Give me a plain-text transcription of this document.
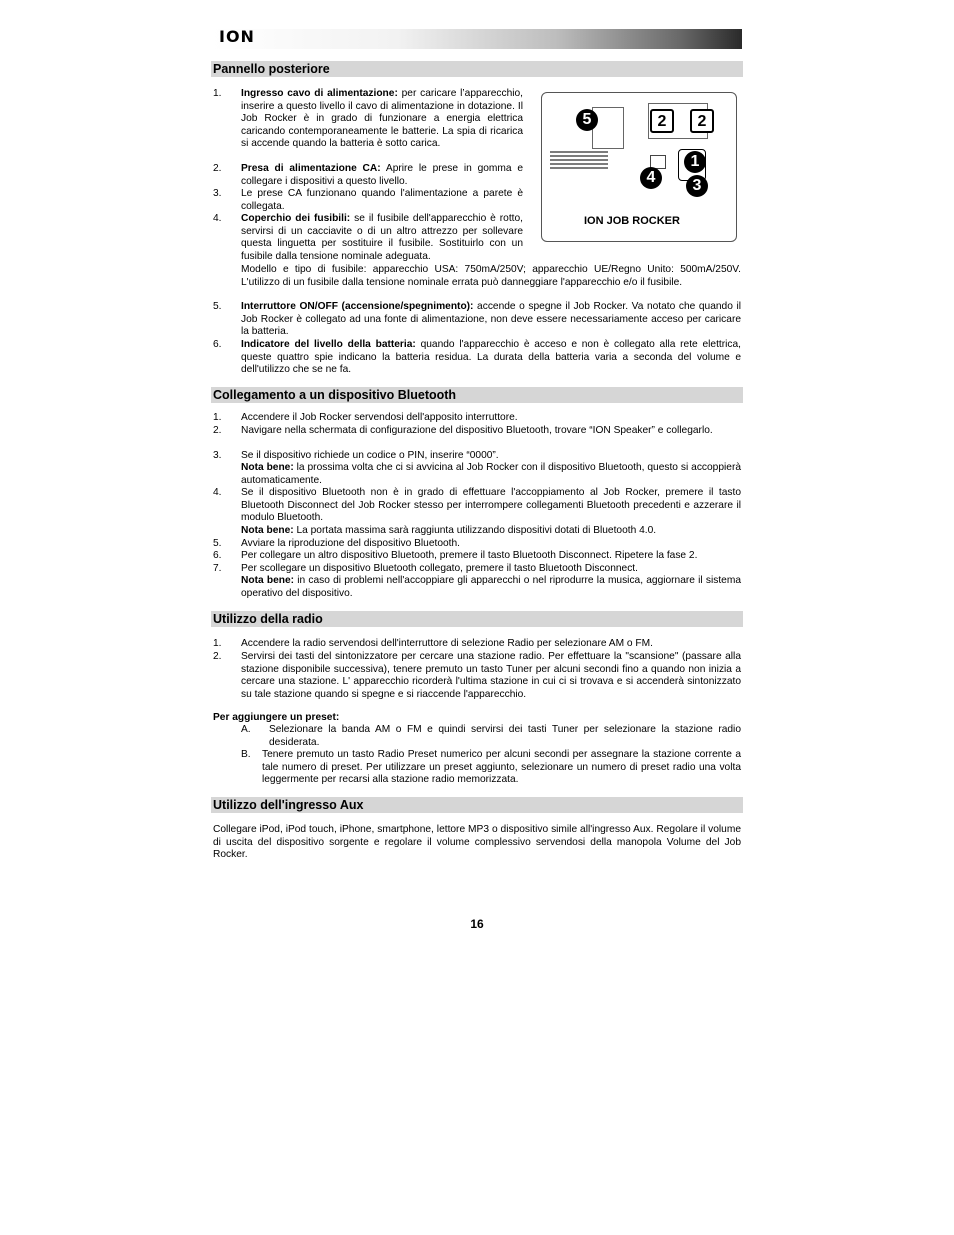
ION
Pannello posteriore
1. Ingresso cavo di alimentazione: per caricare l’apparecchio, inserire a questo livello il cavo di alimentazione in dotazione. Il Job Rocker è in grado di funzionare a energia elettrica caricando contemporaneamente le batterie. La spia di ricarica si accende quando la batteria è sotto carica.
2. Presa di alimentazione CA: Aprire le prese in gomma e collegare i dispositivi a questo livello.
3. Le prese CA funzionano quando l'alimentazione a parete è collegata.
4. Coperchio dei fusibili: se il fusibile dell'apparecchio è rotto, servirsi di un cacciavite o di un altro attrezzo per sollevare questa linguetta per sostituire il fusibile. Sostituirlo con un fusibile dalla tensione nominale adeguata.
Modello e tipo di fusibile: apparecchio USA: 750mA/250V; apparecchio UE/Regno Unito: 500mA/250V. L'utilizzo di un fusibile dalla tensione nominale errata può danneggiare l'apparecchio e/o il fusibile.
5. Interruttore ON/OFF (accensione/spegnimento): accende o spegne il Job Rocker. Va notato che quando il Job Rocker è collegato ad una fonte di alimentazione, non deve essere necessariamente acceso per caricare la batteria.
6. Indicatore del livello della batteria: quando l'apparecchio è acceso e non è collegato alla rete elettrica, queste quattro spie indicano la batteria residua. La durata della batteria varia a seconda del volume e dell'utilizzo che se ne fa.
5	2	2
1
4	3
ION JOB ROCKER
Collegamento a un dispositivo Bluetooth
1. Accendere il Job Rocker servendosi dell'apposito interruttore.
2. Navigare nella schermata di configurazione del dispositivo Bluetooth, trovare “ION Speaker” e collegarlo.
3. Se il dispositivo richiede un codice o PIN, inserire “0000”.
Nota bene: la prossima volta che ci si avvicina al Job Rocker con il dispositivo Bluetooth, questo si accoppierà automaticamente.
4. Se il dispositivo Bluetooth non è in grado di effettuare l'accoppiamento al Job Rocker, premere il tasto Bluetooth Disconnect del Job Rocker stesso per interrompere collegamenti Bluetooth precedenti e azzerare il modulo Bluetooth.
Nota bene: La portata massima sarà raggiunta utilizzando dispositivi dotati di Bluetooth 4.0.
5. Avviare la riproduzione del dispositivo Bluetooth.
6. Per collegare un altro dispositivo Bluetooth, premere il tasto Bluetooth Disconnect. Ripetere la fase 2.
7. Per scollegare un dispositivo Bluetooth collegato, premere il tasto Bluetooth Disconnect.
Nota bene: in caso di problemi nell'accoppiare gli apparecchi o nel riprodurre la musica, aggiornare il sistema operativo del dispositivo.
Utilizzo della radio
1. Accendere la radio servendosi dell'interruttore di selezione Radio per selezionare AM o FM.
2. Servirsi dei tasti del sintonizzatore per cercare una stazione radio. Per effettuare la "scansione" (passare alla stazione disponibile successiva), tenere premuto un tasto Tuner per alcuni secondi fino a quando non inizia a cercare una stazione. L' apparecchio ricorderà l'ultima stazione in cui ci si trovava e si accenderà sintonizzato su tale stazione quando si spegne e si riaccende l'apparecchio.
Per aggiungere un preset:
A. Selezionare la banda AM o FM e quindi servirsi dei tasti Tuner per selezionare la stazione radio desiderata.
B. Tenere premuto un tasto Radio Preset numerico per alcuni secondi per assegnare la stazione corrente a tale numero di preset. Per utilizzare un preset aggiunto, selezionare un numero di preset radio una volta leggermente per recarsi alla stazione radio memorizzata.
Utilizzo dell'ingresso Aux
Collegare iPod, iPod touch, iPhone, smartphone, lettore MP3 o dispositivo simile all'ingresso Aux. Regolare il volume di uscita del dispositivo sorgente e regolare il volume complessivo servendosi della manopola Volume del Job Rocker.
16
